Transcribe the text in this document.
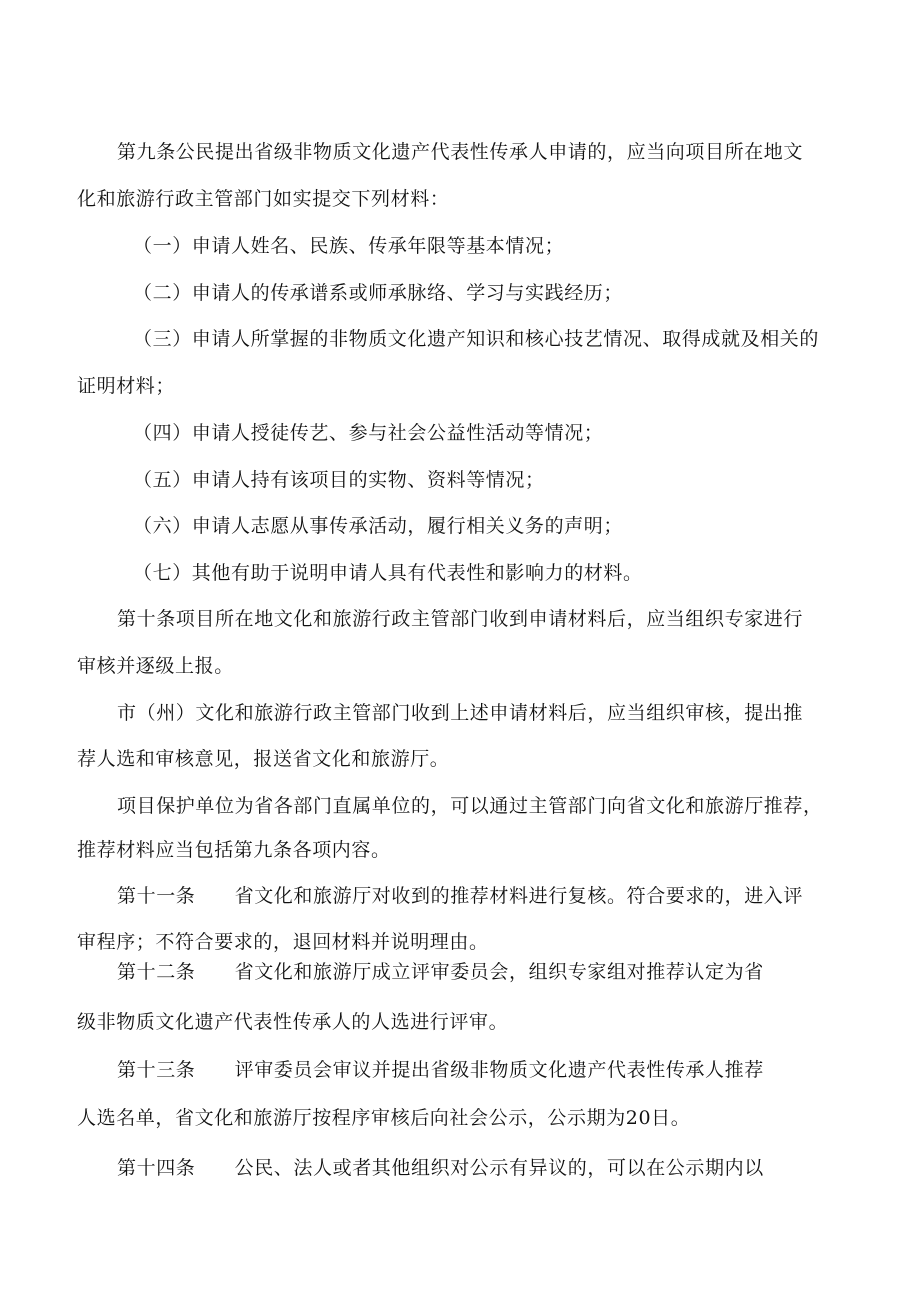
第九条公民提出省级非物质文化遗产代表性传承人申请的，应当向项目所在地文
化和旅游行政主管部门如实提交下列材料：
（一）申请人姓名、民族、传承年限等基本情况；
（二）申请人的传承谱系或师承脉络、学习与实践经历；
（三）申请人所掌握的非物质文化遗产知识和核心技艺情况、取得成就及相关的
证明材料；
（四）申请人授徒传艺、参与社会公益性活动等情况；
（五）申请人持有该项目的实物、资料等情况；
（六）申请人志愿从事传承活动，履行相关义务的声明；
（七）其他有助于说明申请人具有代表性和影响力的材料。
第十条项目所在地文化和旅游行政主管部门收到申请材料后，应当组织专家进行
审核并逐级上报。
市（州）文化和旅游行政主管部门收到上述申请材料后，应当组织审核，提出推
荐人选和审核意见，报送省文化和旅游厅。
项目保护单位为省各部门直属单位的，可以通过主管部门向省文化和旅游厅推荐，
推荐材料应当包括第九条各项内容。
第十一条　　省文化和旅游厅对收到的推荐材料进行复核。符合要求的，进入评
审程序；不符合要求的，退回材料并说明理由。
第十二条　　省文化和旅游厅成立评审委员会，组织专家组对推荐认定为省
级非物质文化遗产代表性传承人的人选进行评审。
第十三条　　评审委员会审议并提出省级非物质文化遗产代表性传承人推荐
人选名单，省文化和旅游厅按程序审核后向社会公示，公示期为20日。
第十四条　　公民、法人或者其他组织对公示有异议的，可以在公示期内以
